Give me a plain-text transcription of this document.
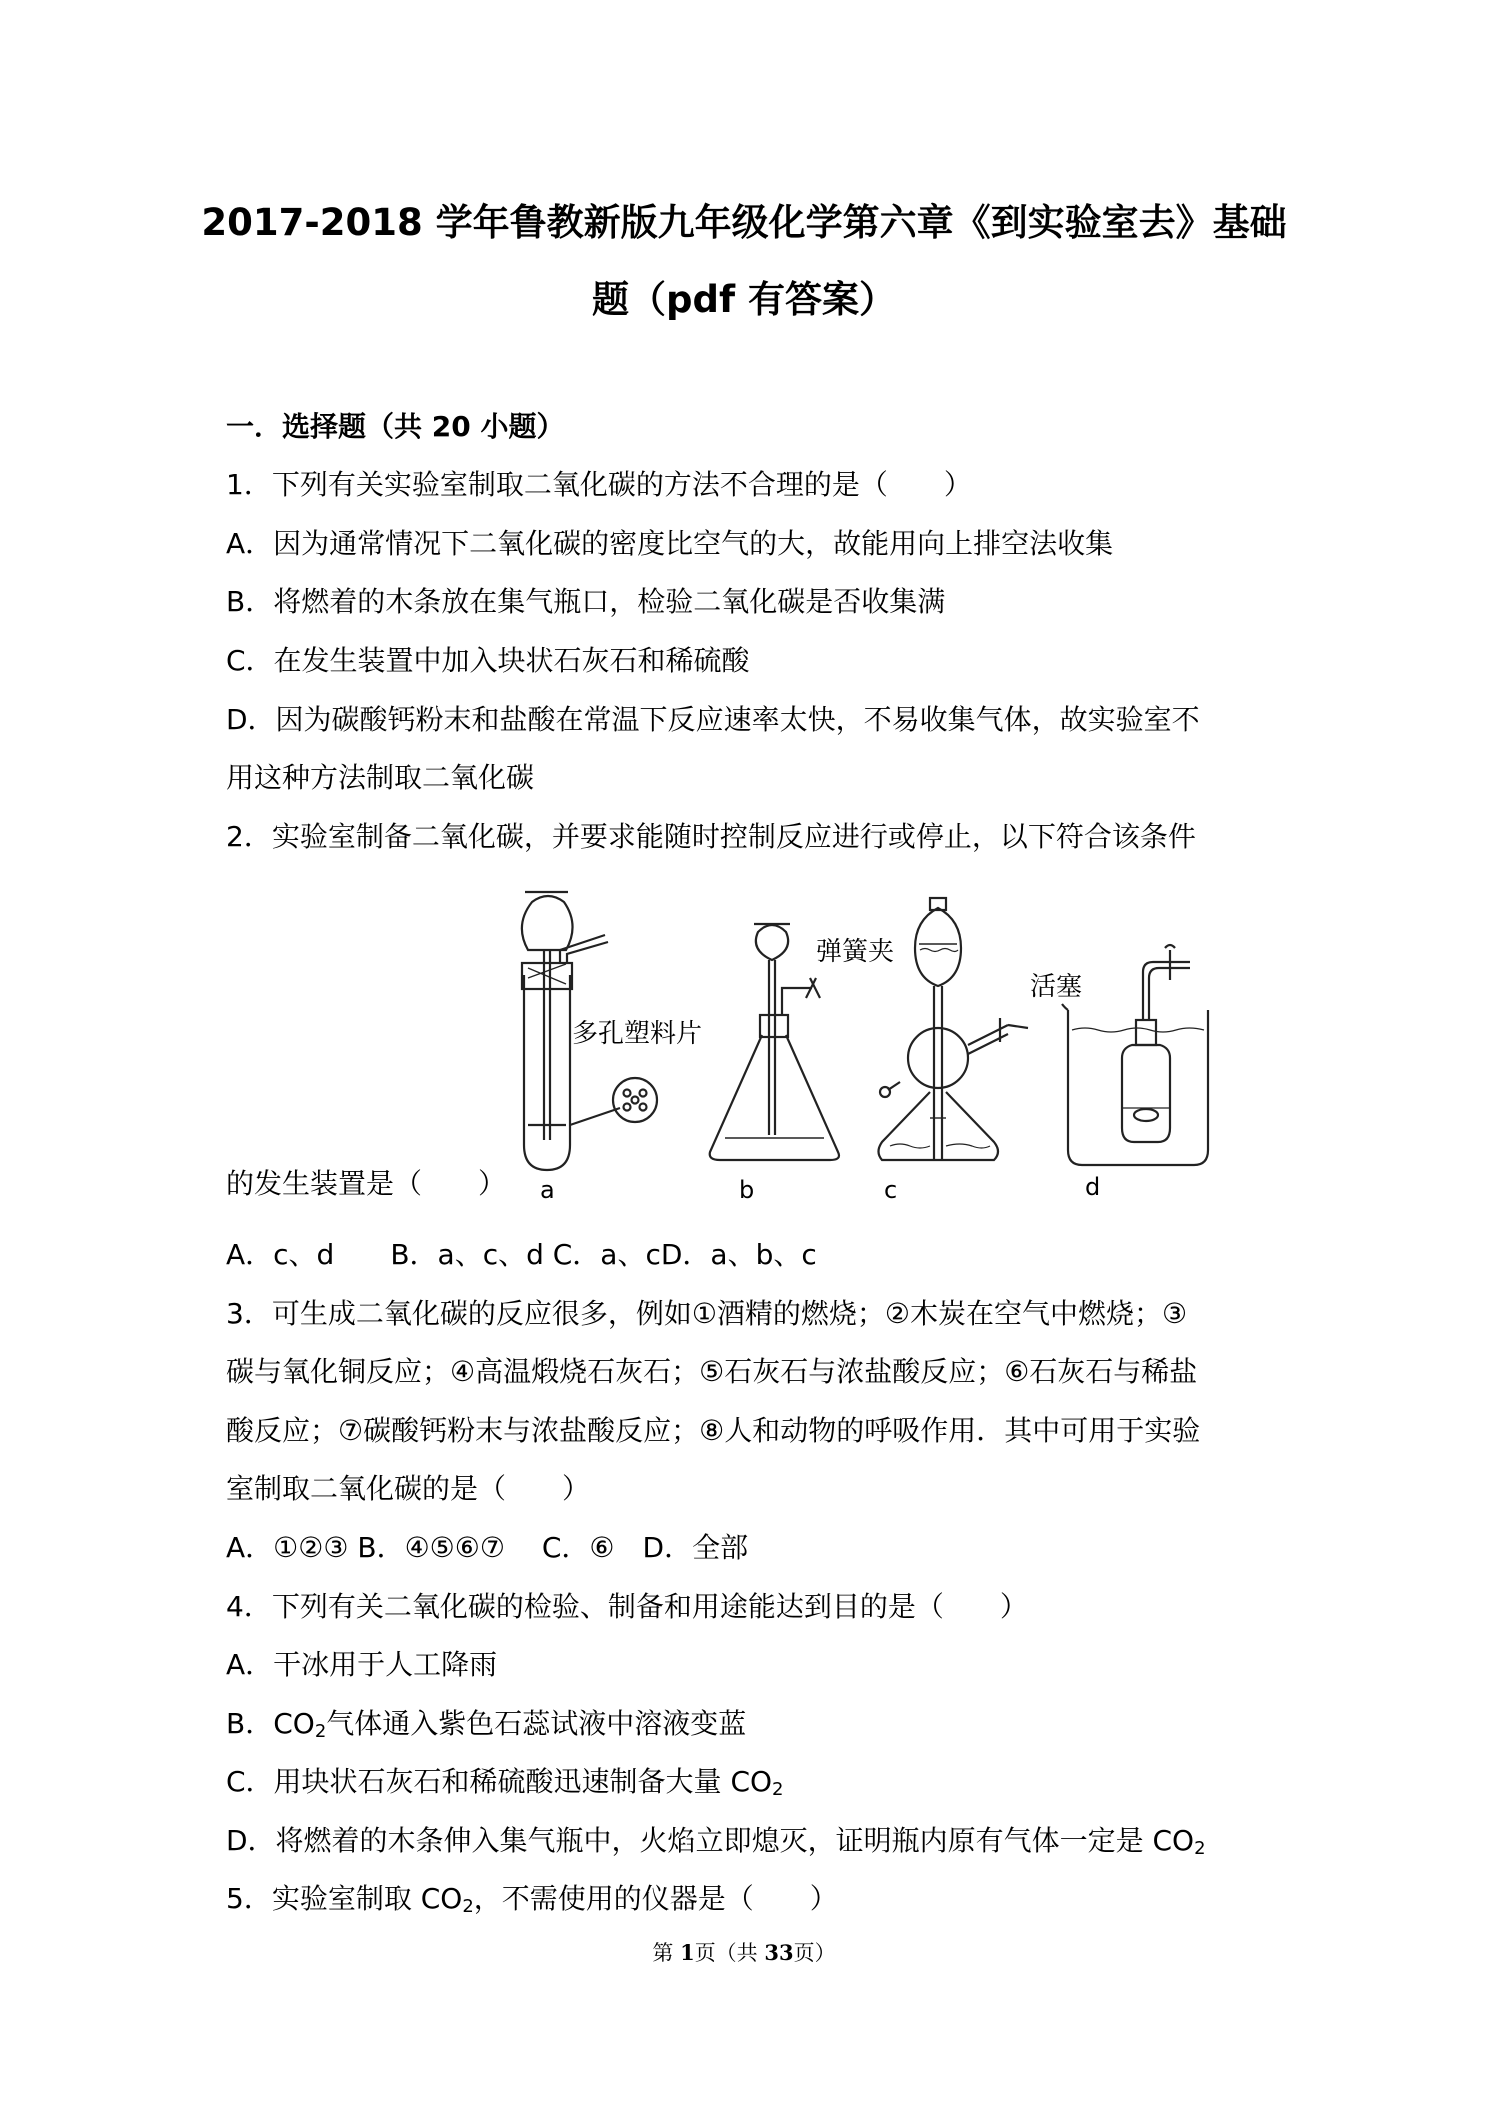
2017-2018 学年鲁教新版九年级化学第六章《到实验室去》基础
题（pdf 有答案）
一．选择题（共 20 小题）
1．下列有关实验室制取二氧化碳的方法不合理的是（　　）
A．因为通常情况下二氧化碳的密度比空气的大，故能用向上排空法收集
B．将燃着的木条放在集气瓶口，检验二氧化碳是否收集满
C．在发生装置中加入块状石灰石和稀硫酸
D．因为碳酸钙粉末和盐酸在常温下反应速率太快，不易收集气体，故实验室不
用这种方法制取二氧化碳
2．实验室制备二氧化碳，并要求能随时控制反应进行或停止，以下符合该条件
多孔塑料片
弹簧夹
活塞
a	b	c	d
的发生装置是（　　）
A．c、d　　B．a、c、d C．a、cD．a、b、c
3．可生成二氧化碳的反应很多，例如①酒精的燃烧；②木炭在空气中燃烧；③
碳与氧化铜反应；④高温煅烧石灰石；⑤石灰石与浓盐酸反应；⑥石灰石与稀盐
酸反应；⑦碳酸钙粉末与浓盐酸反应；⑧人和动物的呼吸作用．其中可用于实验
室制取二氧化碳的是（　　）
A．①②③ B．④⑤⑥⑦　 C．⑥　D．全部
4．下列有关二氧化碳的检验、制备和用途能达到目的是（　　）
A．干冰用于人工降雨
B．$CO_2$气体通入紫色石蕊试液中溶液变蓝
C．用块状石灰石和稀硫酸迅速制备大量 $CO_2$
D．将燃着的木条伸入集气瓶中，火焰立即熄灭，证明瓶内原有气体一定是 $CO_2$
5．实验室制取 $CO_2$，不需使用的仪器是（　　）
第 1页（共 33页）
